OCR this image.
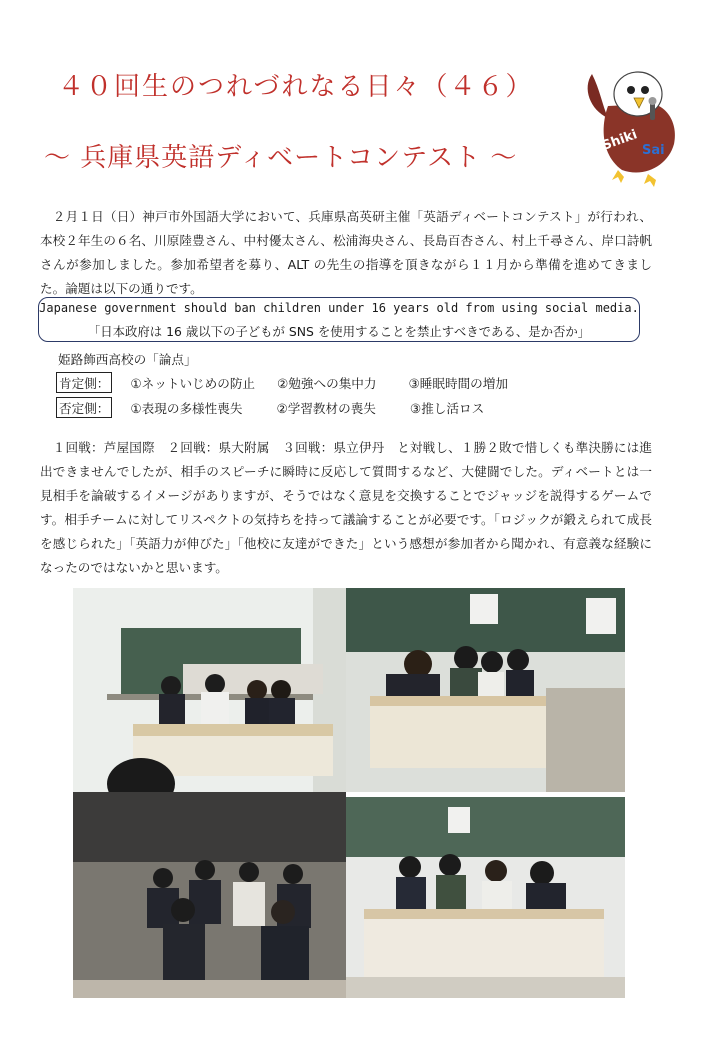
４０回生のつれづれなる日々（４６）
～ 兵庫県英語ディベートコンテスト ～
Shiki Sai
　２月１日（日）神戸市外国語大学において、兵庫県高英研主催「英語ディベートコンテスト」が行われ、本校２年生の６名、川原陸豊さん、中村優太さん、松浦海央さん、長島百杏さん、村上千尋さん、岸口詩帆さんが参加しました。参加希望者を募り、ALT の先生の指導を頂きながら１１月から準備を進めてきました。論題は以下の通りです。
Japanese government should ban children under 16 years old from using social media.
「日本政府は 16 歳以下の子どもが SNS を使用することを禁止すべきである、是か否か」
姫路飾西高校の「論点」
肯定側： ①ネットいじめの防止 ②勉強への集中力	③睡眠時間の増加
否定側： ①表現の多様性喪失	②学習教材の喪失	③推し活ロス
　１回戦：芦屋国際　２回戦：県大附属　３回戦：県立伊丹　と対戦し、１勝２敗で惜しくも準決勝には進出できませんでしたが、相手のスピーチに瞬時に反応して質問するなど、大健闘でした。ディベートとは一見相手を論破するイメージがありますが、そうではなく意見を交換することでジャッジを説得するゲームです。相手チームに対してリスペクトの気持ちを持って議論することが必要です。「ロジックが鍛えられて成長を感じられた」「英語力が伸びた」「他校に友達ができた」という感想が参加者から聞かれ、有意義な経験になったのではないかと思います。
